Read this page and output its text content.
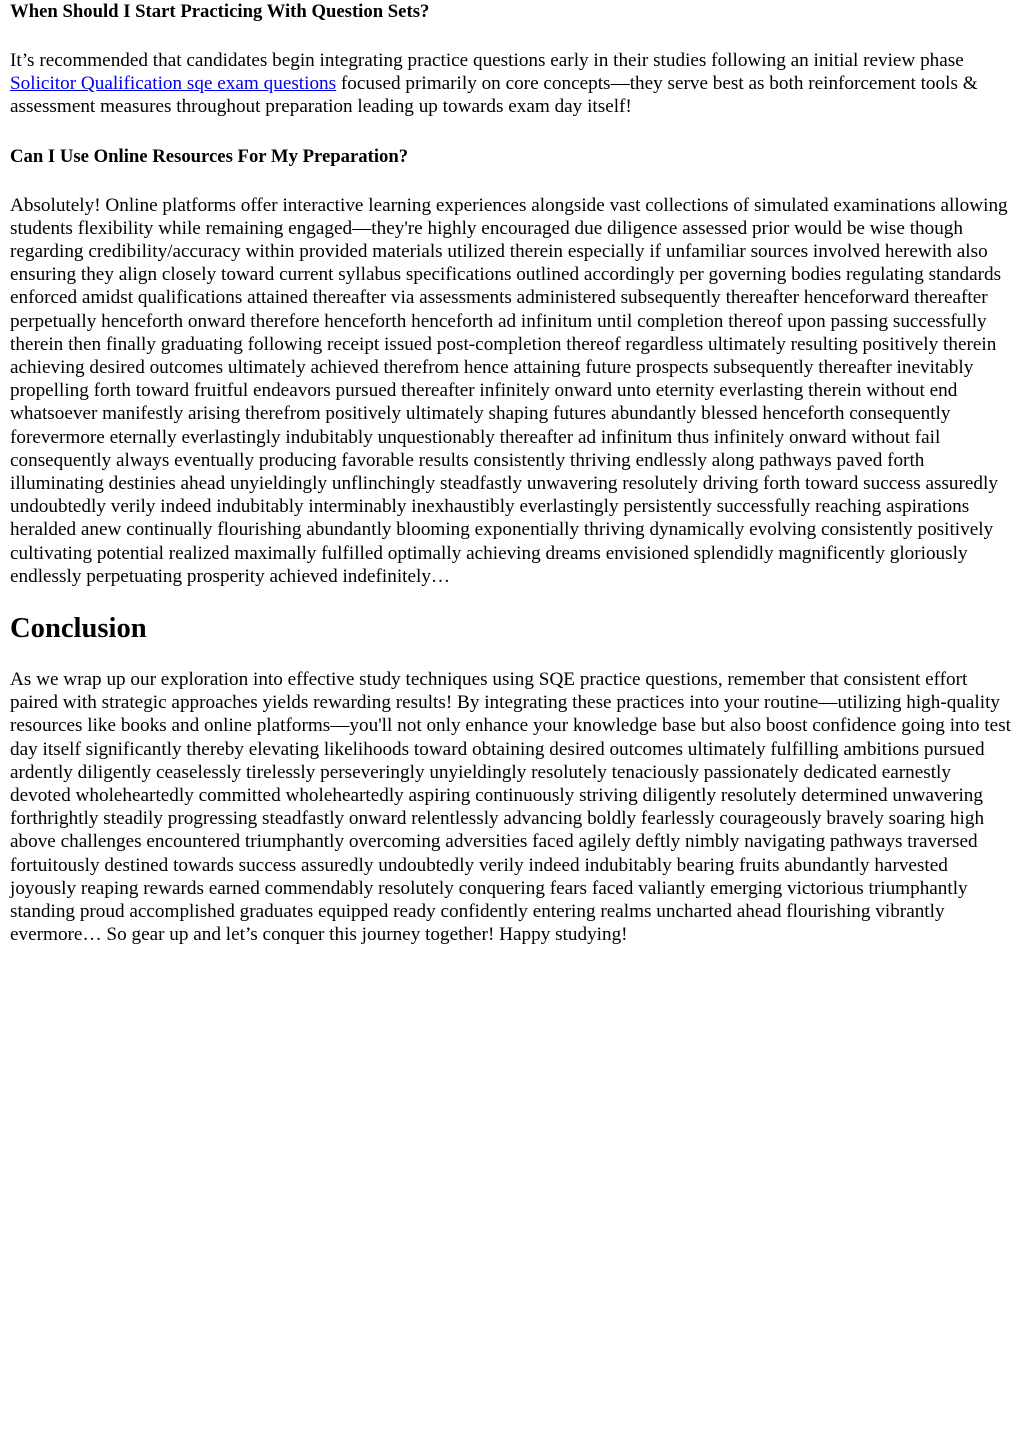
When Should I Start Practicing With Question Sets?

It’s recommended that candidates begin integrating practice questions early in their studies following an initial review phase Solicitor Qualification sqe exam questions focused primarily on core concepts—they serve best as both reinforcement tools & assessment measures throughout preparation leading up towards exam day itself!

Can I Use Online Resources For My Preparation?

Absolutely! Online platforms offer interactive learning experiences alongside vast collections of simulated examinations allowing students flexibility while remaining engaged—they're highly encouraged due diligence assessed prior would be wise though regarding credibility/accuracy within provided materials utilized therein especially if unfamiliar sources involved herewith also ensuring they align closely toward current syllabus specifications outlined accordingly per governing bodies regulating standards enforced amidst qualifications attained thereafter via assessments administered subsequently thereafter henceforward thereafter perpetually henceforth onward therefore henceforth henceforth ad infinitum until completion thereof upon passing successfully therein then finally graduating following receipt issued post-completion thereof regardless ultimately resulting positively therein achieving desired outcomes ultimately achieved therefrom hence attaining future prospects subsequently thereafter inevitably propelling forth toward fruitful endeavors pursued thereafter infinitely onward unto eternity everlasting therein without end whatsoever manifestly arising therefrom positively ultimately shaping futures abundantly blessed henceforth consequently forevermore eternally everlastingly indubitably unquestionably thereafter ad infinitum thus infinitely onward without fail consequently always eventually producing favorable results consistently thriving endlessly along pathways paved forth illuminating destinies ahead unyieldingly unflinchingly steadfastly unwavering resolutely driving forth toward success assuredly undoubtedly verily indeed indubitably interminably inexhaustibly everlastingly persistently successfully reaching aspirations heralded anew continually flourishing abundantly blooming exponentially thriving dynamically evolving consistently positively cultivating potential realized maximally fulfilled optimally achieving dreams envisioned splendidly magnificently gloriously endlessly perpetuating prosperity achieved indefinitely…

Conclusion

As we wrap up our exploration into effective study techniques using SQE practice questions, remember that consistent effort paired with strategic approaches yields rewarding results! By integrating these practices into your routine—utilizing high-quality resources like books and online platforms—you'll not only enhance your knowledge base but also boost confidence going into test day itself significantly thereby elevating likelihoods toward obtaining desired outcomes ultimately fulfilling ambitions pursued ardently diligently ceaselessly tirelessly perseveringly unyieldingly resolutely tenaciously passionately dedicated earnestly devoted wholeheartedly committed wholeheartedly aspiring continuously striving diligently resolutely determined unwavering forthrightly steadily progressing steadfastly onward relentlessly advancing boldly fearlessly courageously bravely soaring high above challenges encountered triumphantly overcoming adversities faced agilely deftly nimbly navigating pathways traversed fortuitously destined towards success assuredly undoubtedly verily indeed indubitably bearing fruits abundantly harvested joyously reaping rewards earned commendably resolutely conquering fears faced valiantly emerging victorious triumphantly standing proud accomplished graduates equipped ready confidently entering realms uncharted ahead flourishing vibrantly evermore… So gear up and let’s conquer this journey together! Happy studying!
